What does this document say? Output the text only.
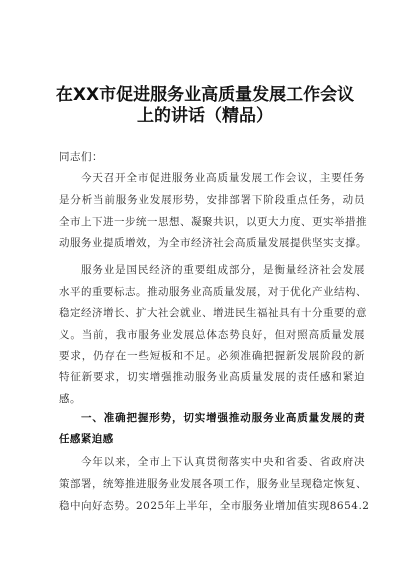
在XX市促进服务业高质量发展工作会议
上的讲话（精品）
同志们：
今天召开全市促进服务业高质量发展工作会议，主要任务
是分析当前服务业发展形势，安排部署下阶段重点任务，动员
全市上下进一步统一思想、凝聚共识，以更大力度、更实举措推
动服务业提质增效，为全市经济社会高质量发展提供坚实支撑。
服务业是国民经济的重要组成部分，是衡量经济社会发展
水平的重要标志。推动服务业高质量发展，对于优化产业结构、
稳定经济增长、扩大社会就业、增进民生福祉具有十分重要的意
义。当前，我市服务业发展总体态势良好，但对照高质量发展
要求，仍存在一些短板和不足。必须准确把握新发展阶段的新
特征新要求，切实增强推动服务业高质量发展的责任感和紧迫
感。
一、准确把握形势，切实增强推动服务业高质量发展的责
任感紧迫感
今年以来，全市上下认真贯彻落实中央和省委、省政府决
策部署，统筹推进服务业发展各项工作，服务业呈现稳定恢复、
稳中向好态势。2025年上半年，全市服务业增加值实现8654.2
